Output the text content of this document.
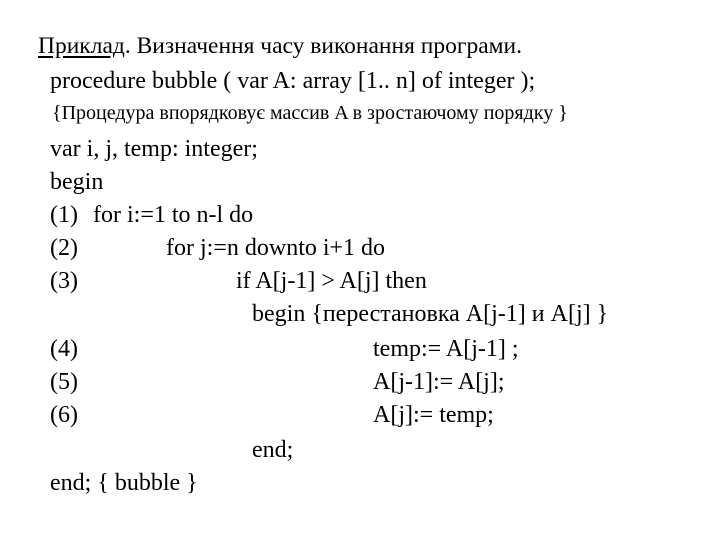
Приклад. Визначення часу виконання програми.
procedure bubble ( var A: array [1.. n] of integer );
{Процедура впорядковує массив A в зростаючому порядку }
var i, j, temp: integer;
begin
(1) for i:=1 to n-l do
(2)	for j:=n downto i+1 do
(3)	if A[j-1] > A[j] then
begin {перестановка A[j-1] и A[j] }
(4)	temp:= A[j-1] ;
(5)	A[j-1]:= A[j];
(6)	A[j]:= temp;
end;
end; { bubble }
